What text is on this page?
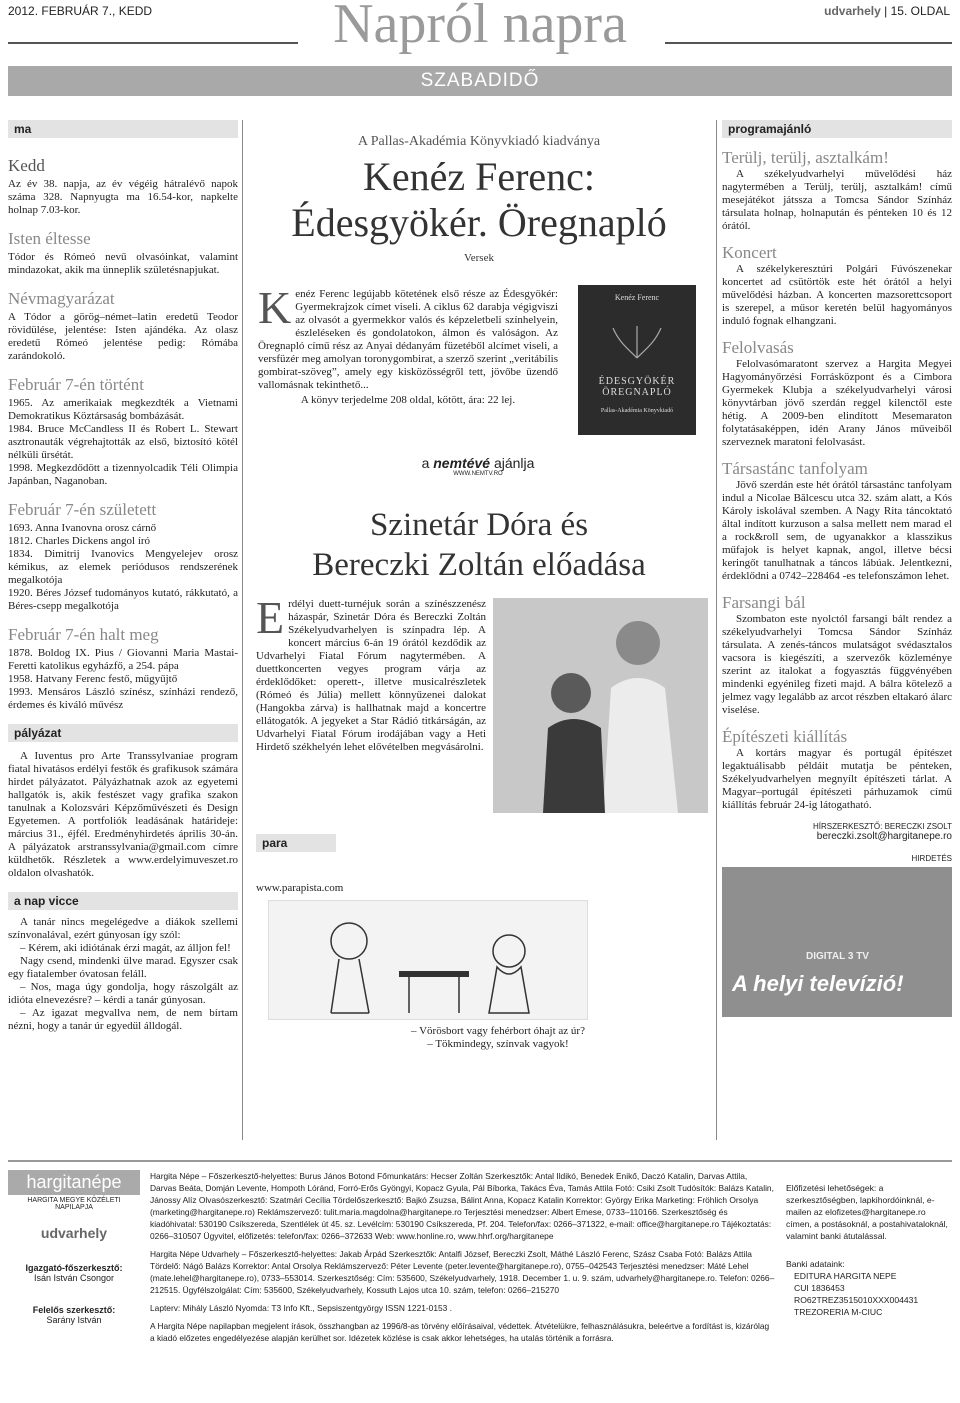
2012. FEBRUÁR 7., KEDD	Napról napra	udvarhely | 15. OLDAL
SZABADIDŐ
ma
Kedd
Az év 38. napja, az év végéig hátralévő napok száma 328. Napnyugta ma 16.54-kor, napkelte holnap 7.03-kor.
Isten éltesse
Tódor és Rómeó nevű olvasóinkat, valamint mindazokat, akik ma ünneplik születésnapjukat.
Névmagyarázat
A Tódor a görög–német–latin eredetű Teodor rövidülése, jelentése: Isten ajándéka. Az olasz eredetű Rómeó jelentése pedig: Rómába zarándokoló.
Február 7-én történt
1965. Az amerikaiak megkezdték a Vietnami Demokratikus Köztársaság bombázását.
1984. Bruce McCandless II és Robert L. Stewart asztronauták végrehajtották az első, biztosító kötél nélküli űrsétát.
1998. Megkezdődött a tizennyolcadik Téli Olimpia Japánban, Naganoban.
Február 7-én született
1693. Anna Ivanovna orosz cárnő
1812. Charles Dickens angol író
1834. Dimitrij Ivanovics Mengyelejev orosz kémikus, az elemek periódusos rendszerének megalkotója
1920. Béres József tudományos kutató, rákkutató, a Béres-csepp megalkotója
Február 7-én halt meg
1878. Boldog IX. Pius / Giovanni Maria Mastai-Feretti katolikus egyházfő, a 254. pápa
1958. Hatvany Ferenc festő, műgyűjtő
1993. Mensáros László színész, színházi rendező, érdemes és kiváló művész
pályázat
A Iuventus pro Arte Transsylvaniae program fiatal hivatásos erdélyi festők és grafikusok számára hirdet pályázatot. Pályázhatnak azok az egyetemi hallgatók is, akik festészet vagy grafika szakon tanulnak a Kolozsvári Képzőművészeti és Design Egyetemen. A portfoliók leadásának határideje: március 31., éjfél. Eredményhirdetés április 30-án. A pályázatok arstranssylvania@gmail.com címre küldhetők. Részletek a www.erdelyimuveszet.ro oldalon olvashatók.
a nap vicce
A tanár nincs megelégedve a diákok szellemi színvonalával, ezért gúnyosan így szól:
– Kérem, aki idiótának érzi magát, az álljon fel!
Nagy csend, mindenki ülve marad. Egyszer csak egy fiatalember óvatosan feláll.
– Nos, maga úgy gondolja, hogy rászolgált az idióta elnevezésre? – kérdi a tanár gúnyosan.
– Az igazat megvallva nem, de nem bírtam nézni, hogy a tanár úr egyedül álldogál.
A Pallas-Akadémia Könyvkiadó kiadványa
Kenéz Ferenc:
Édesgyökér. Öregnapló
Versek
K enéz Ferenc legújabb kötetének első része az Édesgyökér: Gyermekrajzok címet viseli. A ciklus 62 darabja végigviszi az olvasót a gyermekkor valós és képzeletbeli színhelyein, észleléseken és gondolatokon, álmon és valóságon. Az Öregnapló című rész az Anyai dédanyám füzetéből alcímet viseli, a versfüzér meg amolyan toronygombirat, a szerző szerint „veritábilis gombirat-szöveg”, amely egy kisközösségről tett, jövőbe üzendő vallomásnak tekinthető...
A könyv terjedelme 208 oldal, kötött, ára: 22 lej.
Kenéz Ferenc
ÉDESGYÖKÉR
ÖREGNAPLÓ
Pallas-Akadémia Könyvkiadó
a nemtévé ajánlja
WWW.NEMTV.RO
Szinetár Dóra és
Bereczki Zoltán előadása
E rdélyi duett-turnéjuk során a színészzenész házaspár, Szinetár Dóra és Bereczki Zoltán Székelyudvarhelyen is színpadra lép. A koncert március 6-án 19 órától kezdődik az Udvarhelyi Fiatal Fórum nagytermében. A duettkoncerten vegyes program várja az érdeklődőket: operett-, illetve musicalrészletek (Rómeó és Júlia) mellett könnyűzenei dalokat (Hangokba zárva) is hallhatnak majd a koncertre ellátogatók. A jegyeket a Star Rádió titkárságán, az Udvarhelyi Fiatal Fórum irodájában vagy a Heti Hirdető székhelyén lehet elővételben megvásárolni.
para
www.parapista.com
– Vörösbort vagy fehérbort óhajt az úr?
– Tökmindegy, színvak vagyok!
programajánló
Terülj, terülj, asztalkám!
A székelyudvarhelyi művelődési ház nagytermében a Terülj, terülj, asztalkám! című mesejátékot játssza a Tomcsa Sándor Színház társulata holnap, holnapután és pénteken 10 és 12 órától.
Koncert
A székelykeresztúri Polgári Fúvószenekar koncertet ad csütörtök este hét órától a helyi művelődési házban. A koncerten mazsorettcsoport is szerepel, a műsor keretén belül hagyományos induló fognak elhangzani.
Felolvasás
Felolvasómaratont szervez a Hargita Megyei Hagyományőrzési Forrásközpont és a Cimbora Gyermekek Klubja a székelyudvarhelyi városi könyvtárban jövő szerdán reggel kilenctől este hétig. A 2009-ben elindított Mesemaraton folytatásaképpen, idén Arany János műveiből szerveznek maratoni felolvasást.
Társastánc tanfolyam
Jövő szerdán este hét órától társastánc tanfolyam indul a Nicolae Bălcescu utca 32. szám alatt, a Kós Károly iskolával szemben. A Nagy Rita táncoktató által indított kurzuson a salsa mellett nem marad el a rock&roll sem, de ugyanakkor a klasszikus műfajok is helyet kapnak, angol, illetve bécsi keringőt tanulhatnak a táncos lábúak. Jelentkezni, érdeklődni a 0742–228464 -es telefonszámon lehet.
Farsangi bál
Szombaton este nyolctól farsangi bált rendez a székelyudvarhelyi Tomcsa Sándor Színház társulata. A zenés-táncos mulatságot svédasztalos vacsora is kiegészíti, a szervezők közleménye szerint az italokat a fogyasztás függvényében mindenki egyénileg fizeti majd. A bálra kötelező a jelmez vagy legalább az arcot részben eltakaró álarc viselése.
Építészeti kiállítás
A kortárs magyar és portugál építészet legaktuálisabb példáit mutatja be pénteken, Székelyudvarhelyen megnyílt építészeti tárlat. A Magyar–portugál építészeti párhuzamok című kiállítás február 24-ig látogatható.
HÍRSZERKESZTŐ: BERECZKI ZSOLT
bereczki.zsolt@hargitanepe.ro
HIRDETÉS
DIGITAL 3 TV
A helyi televízió!
hargitanépe
HARGITA MEGYE KÖZÉLETI NAPILAPJA
udvarhely
Igazgató-főszerkesztő:
Isán István Csongor
Felelős szerkesztő:
Sarány István

Hargita Népe – Főszerkesztő-helyettes: Burus János Botond Főmunkatárs: Hecser Zoltán Szerkesztők: Antal Ildikó, Benedek Enikő, Daczó Katalin, Darvas Attila, Darvas Beáta, Domján Levente, Hompoth Lóránd, Forró-Erős Gyöngyi, Kopacz Gyula, Pál Bíborka, Takács Éva, Tamás Attila Fotó: Csiki Zsolt Tudósítók: Balázs Katalin, Jánossy Alíz Olvasószerkesztő: Szatmári Cecília Tördelőszerkesztő: Bajkó Zsuzsa, Bálint Anna, Kopacz Katalin Korrektor: György Erika Marketing: Fröhlich Orsolya (marketing@hargitanepe.ro) Reklámszervező: tulit.maria.magdolna@hargitanepe.ro Terjesztési menedzser: Albert Emese, 0733–110166. Szerkesztőség és kiadóhivatal: 530190 Csíkszereda, Szentlélek út 45. sz. Levélcím: 530190 Csíkszereda, Pf. 204. Telefon/fax: 0266–371322, e-mail: office@hargitanepe.ro Tájékoztatás: 0266–310507 Ügyvitel, előfizetés: telefon/fax: 0266–372633 Web: www.honline.ro, www.hhrf.org/hargitanepe

Hargita Népe Udvarhely – Főszerkesztő-helyettes: Jakab Árpád Szerkesztők: Antalfi József, Bereczki Zsolt, Máthé László Ferenc, Szász Csaba Fotó: Balázs Attila Tördelő: Nágó Balázs Korrektor: Antal Orsolya Reklámszervező: Péter Levente (peter.levente@hargitanepe.ro), 0755–042543 Terjesztési menedzser: Máté Lehel (mate.lehel@hargitanepe.ro), 0733–553014. Szerkesztőség: Cím: 535600, Székelyudvarhely, 1918. December 1. u. 9. szám, udvarhely@hargitanepe.ro. Telefon: 0266–212515. Ügyfélszolgálat: Cím: 535600, Székelyudvarhely, Kossuth Lajos utca 10. szám, telefon: 0266–215270

Lapterv: Mihály László Nyomda: T3 Info Kft., Sepsiszentgyörgy ISSN 1221-0153 .

A Hargita Népe napilapban megjelent írások, összhangban az 1996/8-as törvény előírásaival, védettek. Átvételükre, felhasználásukra, beleértve a fordítást is, kizárólag a kiadó előzetes engedélyezése alapján kerülhet sor. Idézetek közlése is csak akkor lehetséges, ha utalás történik a forrásra.

Előfizetési lehetőségek: a szerkesztőségben, lapkihordóinknál, e-mailen az elofizetes@hargitanepe.ro címen, a postásoknál, a postahivataloknál, valamint banki átutalással.
Banki adataink:
EDITURA HARGITA NEPE
CUI 1836453
RO62TREZ3515010XXX004431
TREZORERIA M-CIUC
